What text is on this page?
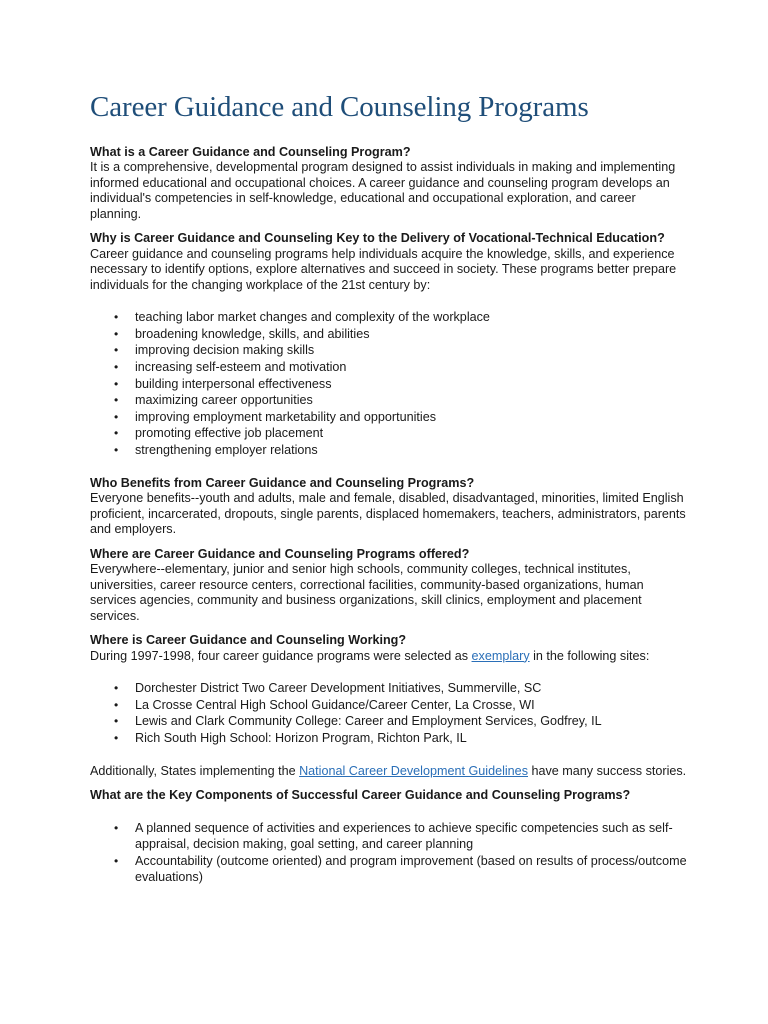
Career Guidance and Counseling Programs

What is a Career Guidance and Counseling Program?

It is a comprehensive, developmental program designed to assist individuals in making and implementing informed educational and occupational choices. A career guidance and counseling program develops an individual's competencies in self-knowledge, educational and occupational exploration, and career planning.

Why is Career Guidance and Counseling Key to the Delivery of Vocational-Technical Education?

Career guidance and counseling programs help individuals acquire the knowledge, skills, and experience necessary to identify options, explore alternatives and succeed in society. These programs better prepare individuals for the changing workplace of the 21st century by:

• teaching labor market changes and complexity of the workplace
• broadening knowledge, skills, and abilities
• improving decision making skills
• increasing self-esteem and motivation
• building interpersonal effectiveness
• maximizing career opportunities
• improving employment marketability and opportunities
• promoting effective job placement
• strengthening employer relations

Who Benefits from Career Guidance and Counseling Programs?

Everyone benefits--youth and adults, male and female, disabled, disadvantaged, minorities, limited English proficient, incarcerated, dropouts, single parents, displaced homemakers, teachers, administrators, parents and employers.

Where are Career Guidance and Counseling Programs offered?

Everywhere--elementary, junior and senior high schools, community colleges, technical institutes, universities, career resource centers, correctional facilities, community-based organizations, human services agencies, community and business organizations, skill clinics, employment and placement services.

Where is Career Guidance and Counseling Working?

During 1997-1998, four career guidance programs were selected as exemplary in the following sites:

• Dorchester District Two Career Development Initiatives, Summerville, SC
• La Crosse Central High School Guidance/Career Center, La Crosse, WI
• Lewis and Clark Community College: Career and Employment Services, Godfrey, IL
• Rich South High School: Horizon Program, Richton Park, IL

Additionally, States implementing the National Career Development Guidelines have many success stories.

What are the Key Components of Successful Career Guidance and Counseling Programs?

• A planned sequence of activities and experiences to achieve specific competencies such as self-appraisal, decision making, goal setting, and career planning
• Accountability (outcome oriented) and program improvement (based on results of process/outcome evaluations)
